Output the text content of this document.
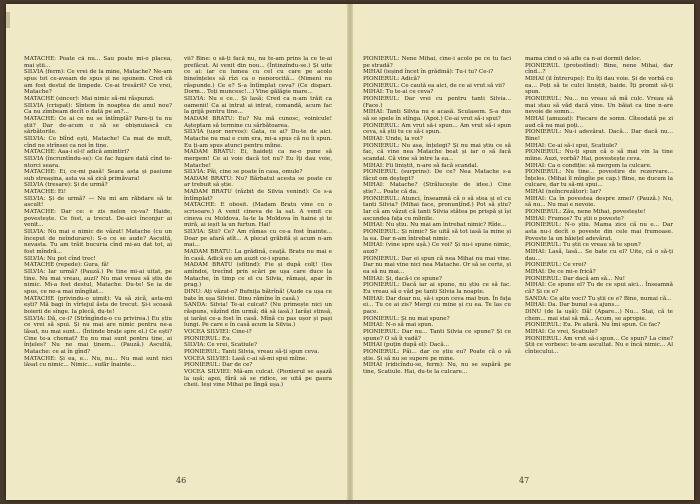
MATACHE: Poate că nu... Sau poate mi-o placea, mai știi...

SILVIA (ferm): Ce vrei de la mine, Matache? Ne-am spus tot ce-aveam de spus și ne spunem. Cred că am fost destul de limpede. Ce-ai tresărit? Ce vrei, Matache?

MATACHE (sincer): Mai nimic să-mi răspunzi.

SILVIA (crispat): Sîntem în noaptea de anul nou? Ca nu zîmbeam decît o dată pe an?...

MATACHE: Ce ai ce nu se întîmplă? Pare-ți tu nu știi? Dar de-acum o să se obișnuiască cu sărbătorile.

SILVIA: Ce blînd ești, Matache! Ca mai de mult, cînd ne strînsei ca noi în tine.

MATACHE: Aaa-i el-i! adică amintiri?

SILVIA (încruntîndu-se): Ce fac fugare dată cînd te-ntorci seara.

MATACHE: Ei, ce-mi pasă! Seara asta și pasiune sub streașina, asta va să zică primăvara!

SILVIA (tresare): Și de urmă?

MATACHE: Ei!

SILVIA: Și de urmă? — Nu mi am răbdare să te ascult!

MATACHE: Dar ce: e zis nelon ce-va? Haide, povestește. Ce fost, a trecut. De-aici înconjur ai venit...

SILVIA: Nu mai e nimic de văzut! Matache (cu un început de neîndurare): S-o ce se aude? Ascultă, nevasta. Tu am trăit bucuria cînd mi-au dat tot, ai fost mîndră...

SILVIA: Nu pot cînd trec!

MATACHE (repede): Gura, fă!

SILVIA: Iar urmă? (Pauză.) Pe tine mi-ai uitat, pe tine. Nu mai vreau, auzi? Nu mai vreau să știu de nimic. Mi-a fost destul, Matache. Du-te! Se ia de spus, ce ne-a mai mîngîiat...

MATACHE (privindu-o uimit): Va să zică, asta-mi ești? Mă bagi în vîrtejul ăsta de trecut. Și-i scoasă boierii de sînge. Ia plecă, du-te!

SILVIA: Dă, ce-i? (Strîngîndu-o cu privirea.) Eu știu ce vrei să spui. Și nu mai are nimic pentru ne-a lăsat, nu mai sunt... (Întinde brațe spre el.) Ce ești? Cine te-a chemat? Eu nu mai sunt pentru tine, ai înțeles? Nu ne mai ținem... (Pauză.) Ascultă, Matache: ce ai în gînd?

MATACHE: Și ea, e... Nu, nu... Nu mai sunt nici lăsat cu nimic... Nimic... sufăr înainte...

vii? Bine: o să-ți facă nu, nu te-am prins la ce te-ai prefăcut. Ai venit din nou... (Întinzîndu-se.) Și uite ce ai: iar cu lumea cu cel cu care pe acolo bineînțeles să rîzi ca o nenorocită... (Nimeni nu răspunde.) Ce e? S-a întîmplat ceva? (Ce dispari. Dorm... Toți muncesc!...) Vine gălăgie mare...

SILVIA: Nu e ce... Și lasă; Cred ca n-am trăit ca oamenii! Ca ai intrat ai intrat, comandă, acum fac la grijă pentru tine...

MADAM BRATU: Eu? Nu mă cunosc, voinicule! Așteptam să termine cu sărbătoarea.

SILVIA (ușor nervos): Gata, ce ai? Du-te de aici. Matache nu mai e cum era, mi-a spus că nu îi spun. Eu ți-am spus atunci pentru mîine.

MADAM BRATU: Ei, haideți ca ne-o pune să mergem! Ce ai voie dacă tot nu? Eu îți dau voie, Matache!

SILVIA: Păi, cine se poate în casa, omule?

MADAM BRATU: Nu? Bărbatul acesta se poate ce ar trebuit să știe.

MADAM BRATU (răzbit de Silvia venind): Ce s-a întîmplat?

MATACHE: E obosit. (Madam Bratu vine cu o scrisoare.) A venit cineva de la sat. A venit cu cineva cu Moldova. Ia-te la Moldova în haine și te miră, ai ieșit la un furtun. Hai!

SILVIA: Știi? Ce? Am rămas cu ce-a fost înainte... Doar pe afară atît... A plecat grăbită și acum n-am mai...

MADAM BRATU: La grădină, ceață. Bratu nu mai e în casă. Adică eu am auzit ce-i spune.

MADAM BRATU (sfîtind): Fie și după colț! (Ies amîndoi, trecînd prin scări pe ușa care duce la Matache, în timp ce el cu Silvia, rămași, apar în prag.)

DINU: Ați văzut-o? Bufnița bătrînă! (Aude ca ușa ce bate în ușa Silviei. Dinu rămîne în casă.)

SANDA: Silvia! Te-ai culcat? (Nu primește nici un răspuns, văzînd din urmă; dă să iasă.) Iarăși stinsă, și iarăși ce-a fost în casă. Mînă cu pas ușor și pași lungi. Pe care e în casă acum la Silvia.)

VOCEA SILVIEI: Cine-i?

PIONIERUL: Eu.

SILVIA: Ce vrei, Scatiule?

PIONIERUL: Tanti Silvia, vreau să-ți spun ceva.

VOCEA SILVIEI: Lasă c-ai să-mi spui mîine.

PIONIERUL: Dar de ce?

VOCEA SILVIEI: Mă-am culcat. (Pionierul se așază la ușă; apoi, fără să se ridice, se uită pe gaura cheii. Ieși vine Mihai pe lîngă ușa.)

46

PIONIERUL: Nene Mihai, cîne-i acolo pe ce tu faci pe stradă?

MIHAI (ieșind încet în grădină): Tu-i tu? Ce-i?

PIONIERUL: Adică?

PIONIERUL: Ce caută ea aici, de ce ai vrut să vii?

MIHAI: Tu te-ai ce ceva?

PIONIERUL: Dar vrei cu pentru tanti Silvia... (Face.)

MIHAI: Tanti Silvia nu e acasă. Sculasem. S-a dus să se spele în stînga. (Apoi.) Ce-ai vrut să-i spui?

PIONIERUL: Am vrut să-i spun... Am vrut să-i spun ceva, să știi tu ce să-i spun.

MIHAI: Unde, la voi?

PIONIERUL: Nu asa, înțelegi? Și nu mai știu ce să fac, că vine nea Matache beat și iar o să facă scandal. Că vine să intre la ea...

MIHAI: Fii liniștit, n-are să facă scandal.

PIONIERUL (surprins): De ce? Nea Matache s-a făcut om deștept?

MIHAI: Matache? (Strălucește de idee.) Cine știe?... Poate că da.

PIONIERUL: Atunci, înseamnă că o să stea și el cu tanti Silvia? (Mihai face, pronunțînd.) Pot să știu? Iar că am văzut că tanti Silvia stătea pe prispă și își ascundea fața cu mîinile.

MIHAI: Nu știu. Nu mai am întrebat nimic? Rîde...

PIONIERUL: Și nimic? Se uită să tot iasă la mine și la ea. Dar n-am întrebat nimic.

MIHAI: (vine spre ușă.) Ce voi? Și nu-i spune nimic, auzi?

PIONIERUL: Dar ei spun că nea Mihai nu mai vine. Dar nu mai vine nici nea Matache. Or să se certe, și ea să nu mai...

MIHAI: Și, dacă-i ce spune?

PIONIERUL: Dacă iar ai spune, nu știu ce să fac. Eu vreau să o văd pe tanti Silvia la noapte.

MIHAI: Dar doar nu, să-i spun ceva mai bun. În fața ei... Tu ce ai zis? Mergi cu mine și cu ea. Te las cu pace.

PIONIERUL: Și nu mai spune?

MIHAI: N-o să mai spun.

PIONIERUL: Dar nu... Tanti Silvia ce spune? Și ce spune? O să îi vadă?

MIHAI (puțin după el): Dacă...

PIONIERUL: Păi... dar ce știu eu? Poate că o să știe. Și să nu se supere pe mine.

MIHAI (ridicîndu-se, ferm): Nu, nu se supără pe tine, Scatiule. Hai, du-te la culcare...

mama cînd o să afle ca n-ai dormit deloc.

PIONIERUL (protestînd): Bine, nene Mihai, dar cînd...?

MIHAI (il întrerupe): Eu îți dau voie. Și de vorbă cu ea... Poți să te culci liniștit, haide. Îți promit să-ți spun.

PIONIERUL: Nu... nu vreau să mă culc. Vreau să mai stau să văd dacă vine. Un băiat ca tine n-are nevoie de somn...

MIHAI (amuzat): Fiecare de somn. Cîteodată pe zi aud că nu mai poți...

PIONIERUL: Nu-i adevărat. Dacă... Dar dacă nu... Bine!

MIHAI: Ce-ai să-i spui, Scatiule?

PIONIERUL: Nu-ți spun că o să mai vin la tine mîine. Auzi, vorbă? Hai, povestește ceva.

MIHAI: Ca o condiție: să mergem la culcare.

PIONIERUL: Nu tine... povestire de rezervare... Înțeles. (Mihai îl mîngîie pe cap.) Bine, ne ducem la culcare, dar tu să-mi spui...

MIHAI (neîncrezător): Iar?

MIHAI: Ca în povestea despre zmei? (Pauză.) Nu, să nu... Nu mai e nevoie.

PIONIERUL: Zău, nene Mihai, povestește!

MIHAI: Frumos? Tu știi o poveste?

PIONIERUL: N-o știu. Mama zice că nu e... Dar asta nu-i decît o poveste din cele mai frumoase. Poveste la un băiețel adevărat.

PIONIERUL: Tu știi ce vreau să te spun?

MIHAI: Lasă, lasă... Se bate cu el? Uite, că o să-ți dau...

PIONIERUL: Ce vrei?

MIHAI: De ce mi-e frică?

PIONIERUL: Dar dacă am să... Nu!

MIHAI: Ce spune el? Tu de ce spui aici... Înseamnă că? Și ce e?

SANDA: Ce alte voci? Tu știi ce e? Bine, numai că...

MIHAI: Da. Dar bunul s-a ajuns...

DINU (de la ușă): Dă! (Apare...) Nu... Stai, că te chem... mai stai să mă... Acum, se apropie.

PIONIERUL: Eu. Pe afară. Nu îmi spun. Ce fac?

MIHAI: Ce vrei, Scatiule?

PIONIERUL: Am vrut să-i spun... Ce spun? La cine? Știi ce vorbesc: te-am ascultat. Nu e încă nimic... Al cîntecului...

47
